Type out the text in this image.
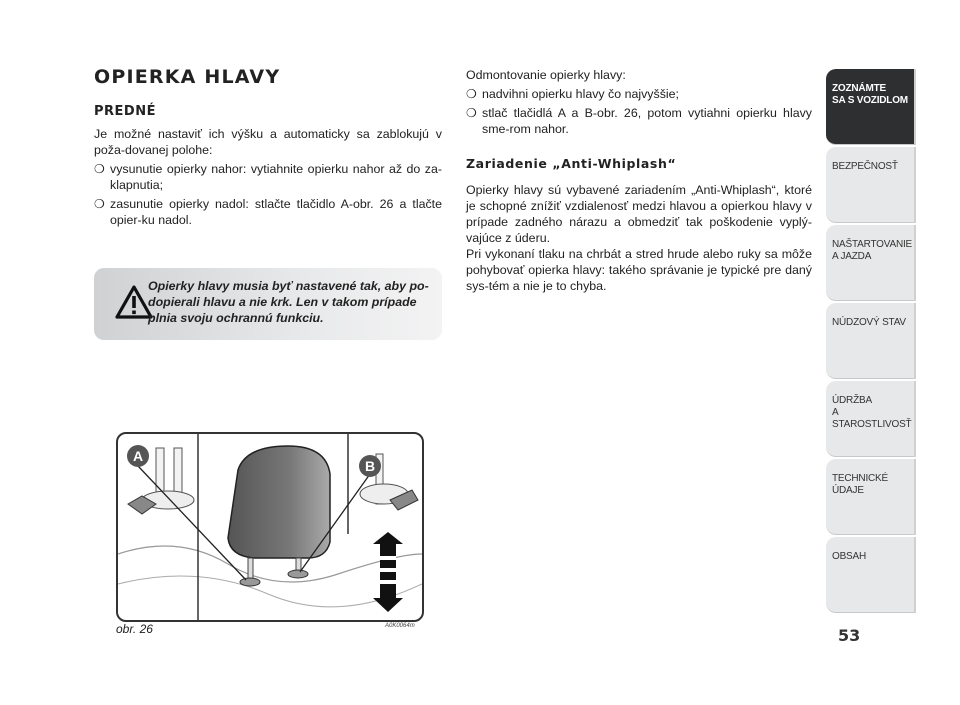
OPIERKA HLAVY
PREDNÉ
Je možné nastaviť ich výšku a automaticky sa zablokujú v poža-dovanej polohe:
❍ vysunutie opierky nahor: vytiahnite opierku nahor až do za-klapnutia;
❍ zasunutie opierky nadol: stlačte tlačidlo A-obr. 26 a tlačte opier-ku nadol.
Opierky hlavy musia byť nastavené tak, aby po-dopierali hlavu a nie krk. Len v takom prípade plnia svoju ochrannú funkciu.
A
B
obr. 26	A0K0064m
Odmontovanie opierky hlavy:
❍ nadvihni opierku hlavy čo najvyššie;
❍ stlač tlačidlá A a B-obr. 26, potom vytiahni opierku hlavy sme-rom nahor.
Zariadenie „Anti-Whiplash“
Opierky hlavy sú vybavené zariadením „Anti-Whiplash“, ktoré je schopné znížiť vzdialenosť medzi hlavou a opierkou hlavy v prípade zadného nárazu a obmedziť tak poškodenie vyplý-vajúce z úderu.
Pri vykonaní tlaku na chrbát a stred hrude alebo ruky sa môže pohybovať opierka hlavy: takého správanie je typické pre daný sys-tém a nie je to chyba.
ZOZNÁMTE
SA S VOZIDLOM
BEZPEČNOSŤ
NAŠTARTOVANIE
A JAZDA
NÚDZOVÝ STAV
ÚDRŽBA
A STAROSTLIVOSŤ
TECHNICKÉ
ÚDAJE
OBSAH
53
